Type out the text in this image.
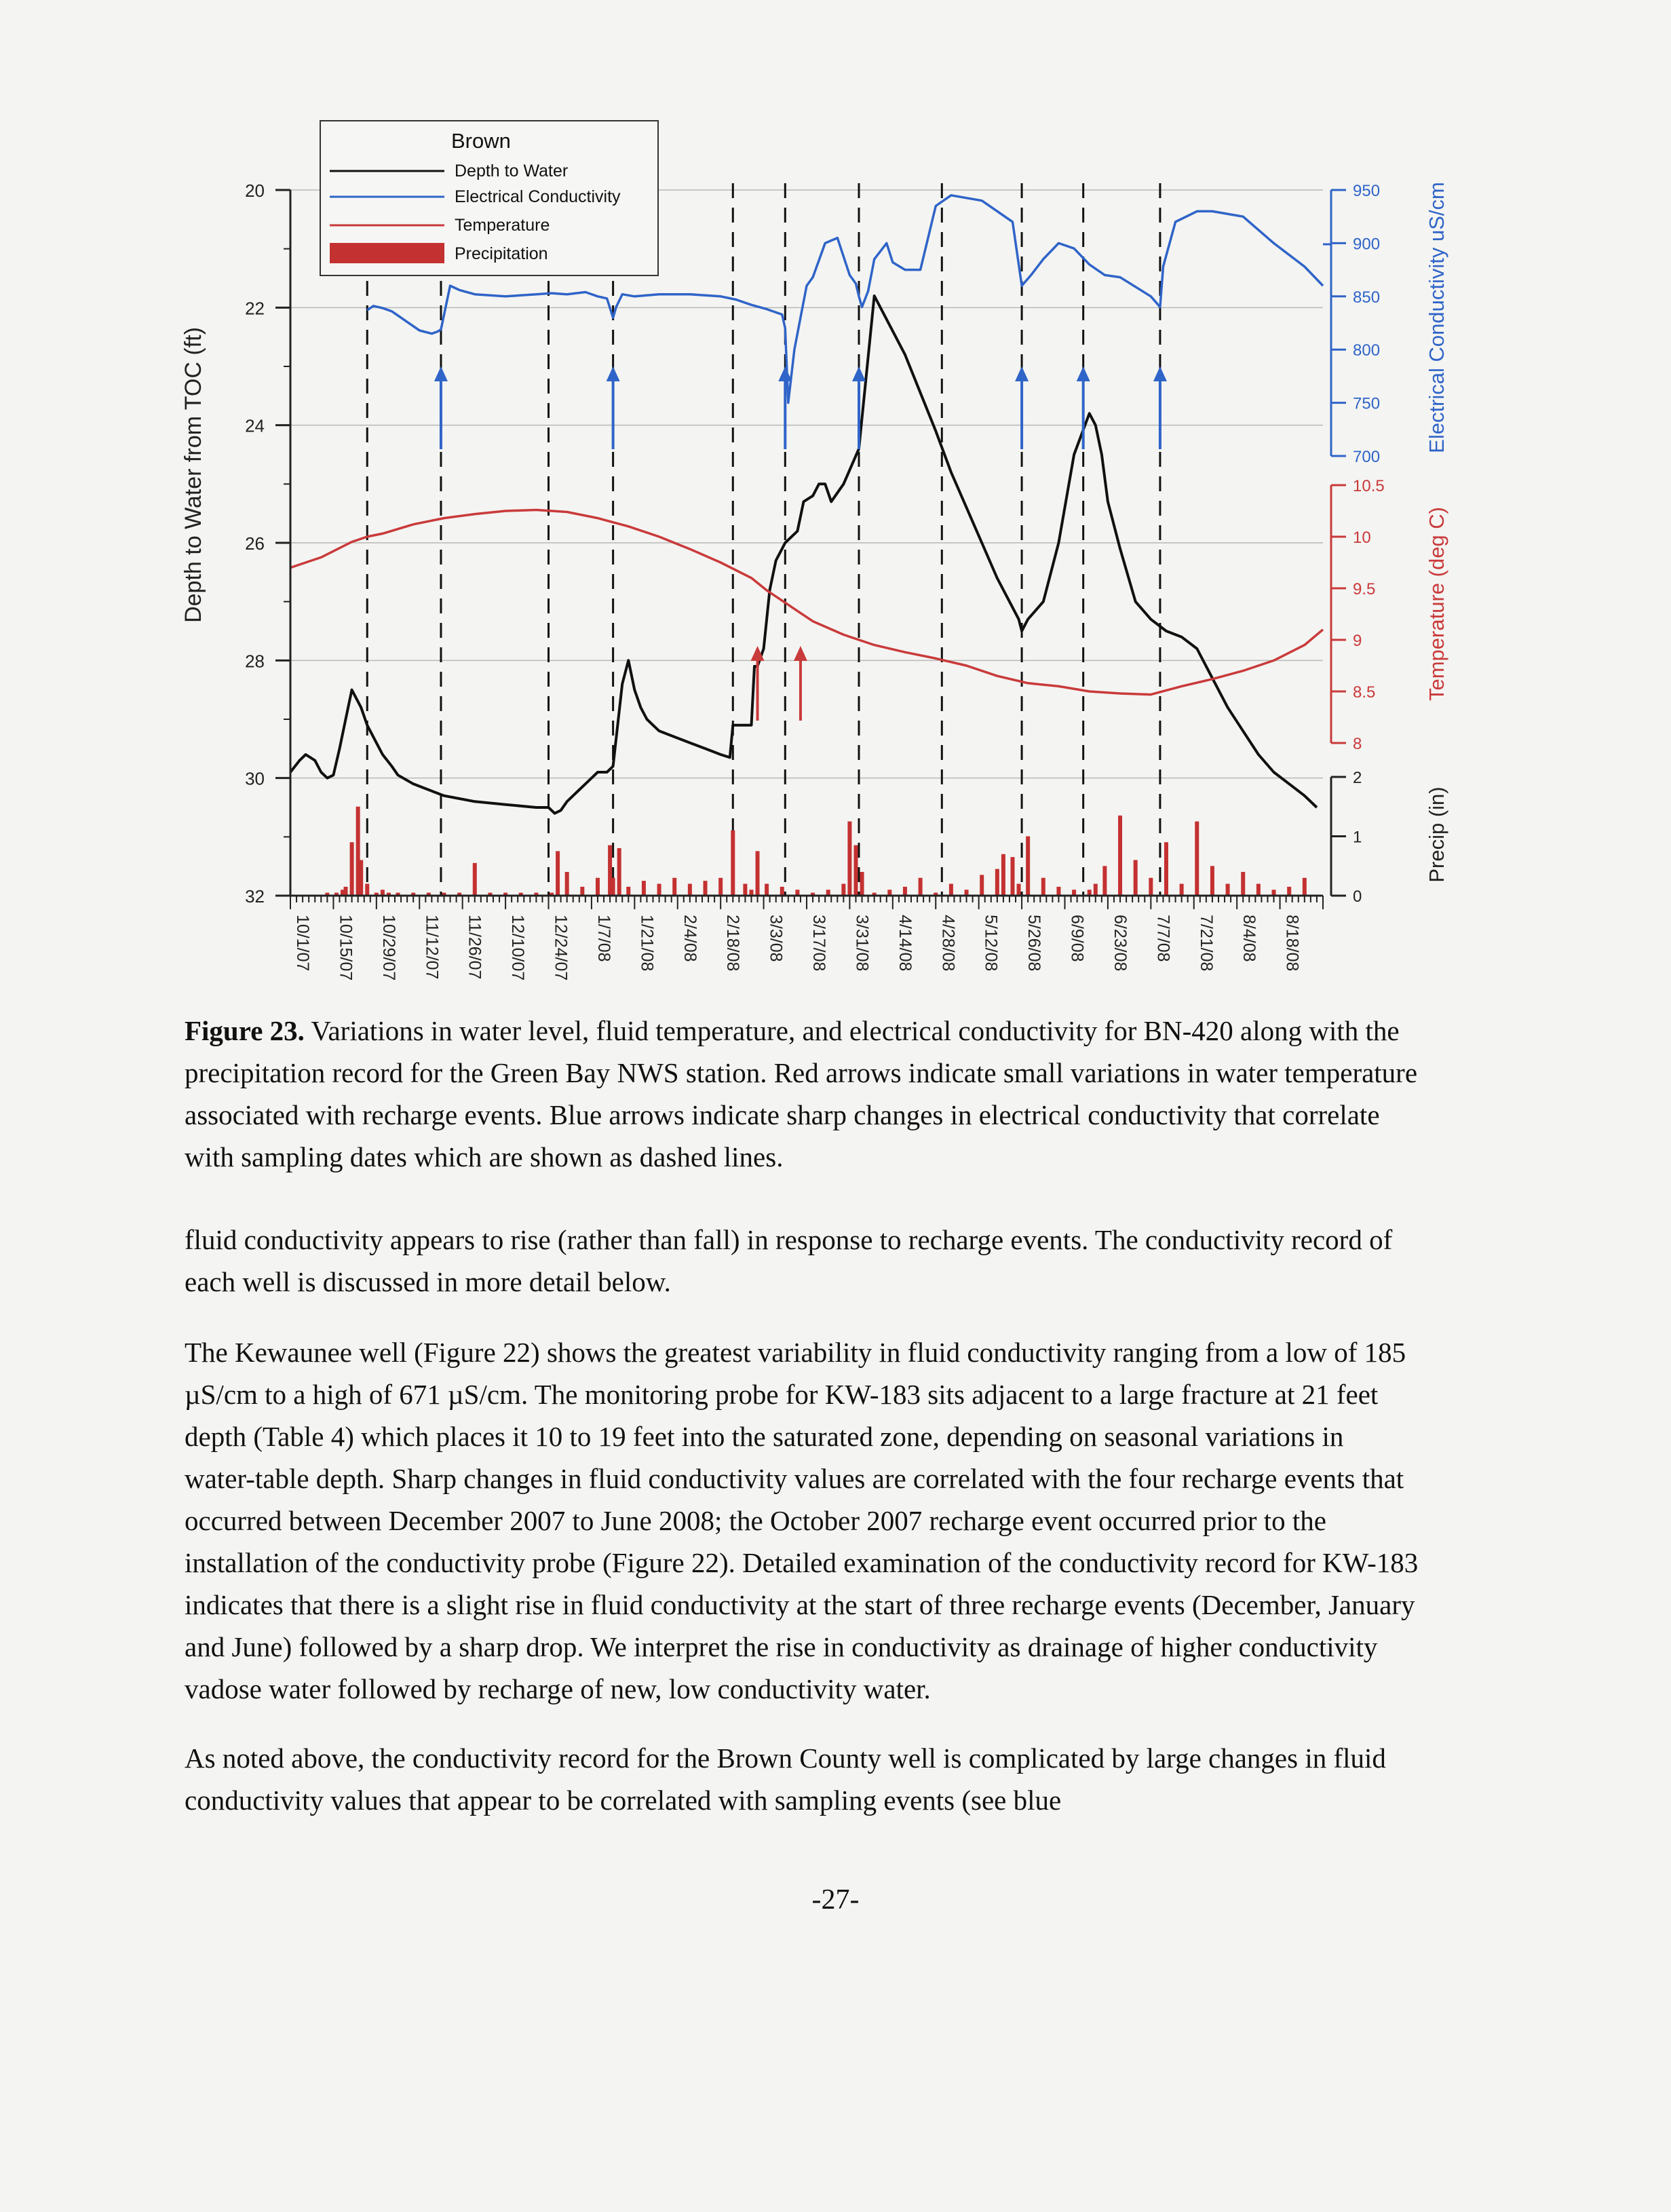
20
22
24
26
28
30
32
10/1/07 10/15/07 10/29/07 11/12/07 11/26/07 12/10/07 12/24/07 1/7/08 1/21/08 2/4/08 2/18/08 3/3/08 3/17/08 3/31/08 4/14/08 4/28/08 5/12/08 5/26/08 6/9/08 6/23/08 7/7/08 7/21/08 8/4/08 8/18/08
700
750
800
850
900
950
8
8.5
9
9.5
10
10.5
0
1
2
Depth to Water from TOC (ft)
Electrical Conductivity uS/cm
Temperature (deg C)
Precip (in)
Brown
Depth to Water
Electrical Conductivity
Temperature
Precipitation

Figure 23. Variations in water level, fluid temperature, and electrical conductivity for BN-420 along with the precipitation record for the Green Bay NWS station. Red arrows indicate small variations in water temperature associated with recharge events. Blue arrows indicate sharp changes in electrical conductivity that correlate with sampling dates which are shown as dashed lines.

fluid conductivity appears to rise (rather than fall) in response to recharge events. The conductivity record of each well is discussed in more detail below.

The Kewaunee well (Figure 22) shows the greatest variability in fluid conductivity ranging from a low of 185 µS/cm to a high of 671 µS/cm. The monitoring probe for KW-183 sits adjacent to a large fracture at 21 feet depth (Table 4) which places it 10 to 19 feet into the saturated zone, depending on seasonal variations in water-table depth. Sharp changes in fluid conductivity values are correlated with the four recharge events that occurred between December 2007 to June 2008; the October 2007 recharge event occurred prior to the installation of the conductivity probe (Figure 22). Detailed examination of the conductivity record for KW-183 indicates that there is a slight rise in fluid conductivity at the start of three recharge events (December, January and June) followed by a sharp drop. We interpret the rise in conductivity as drainage of higher conductivity vadose water followed by recharge of new, low conductivity water.

As noted above, the conductivity record for the Brown County well is complicated by large changes in fluid conductivity values that appear to be correlated with sampling events (see blue

-27-
